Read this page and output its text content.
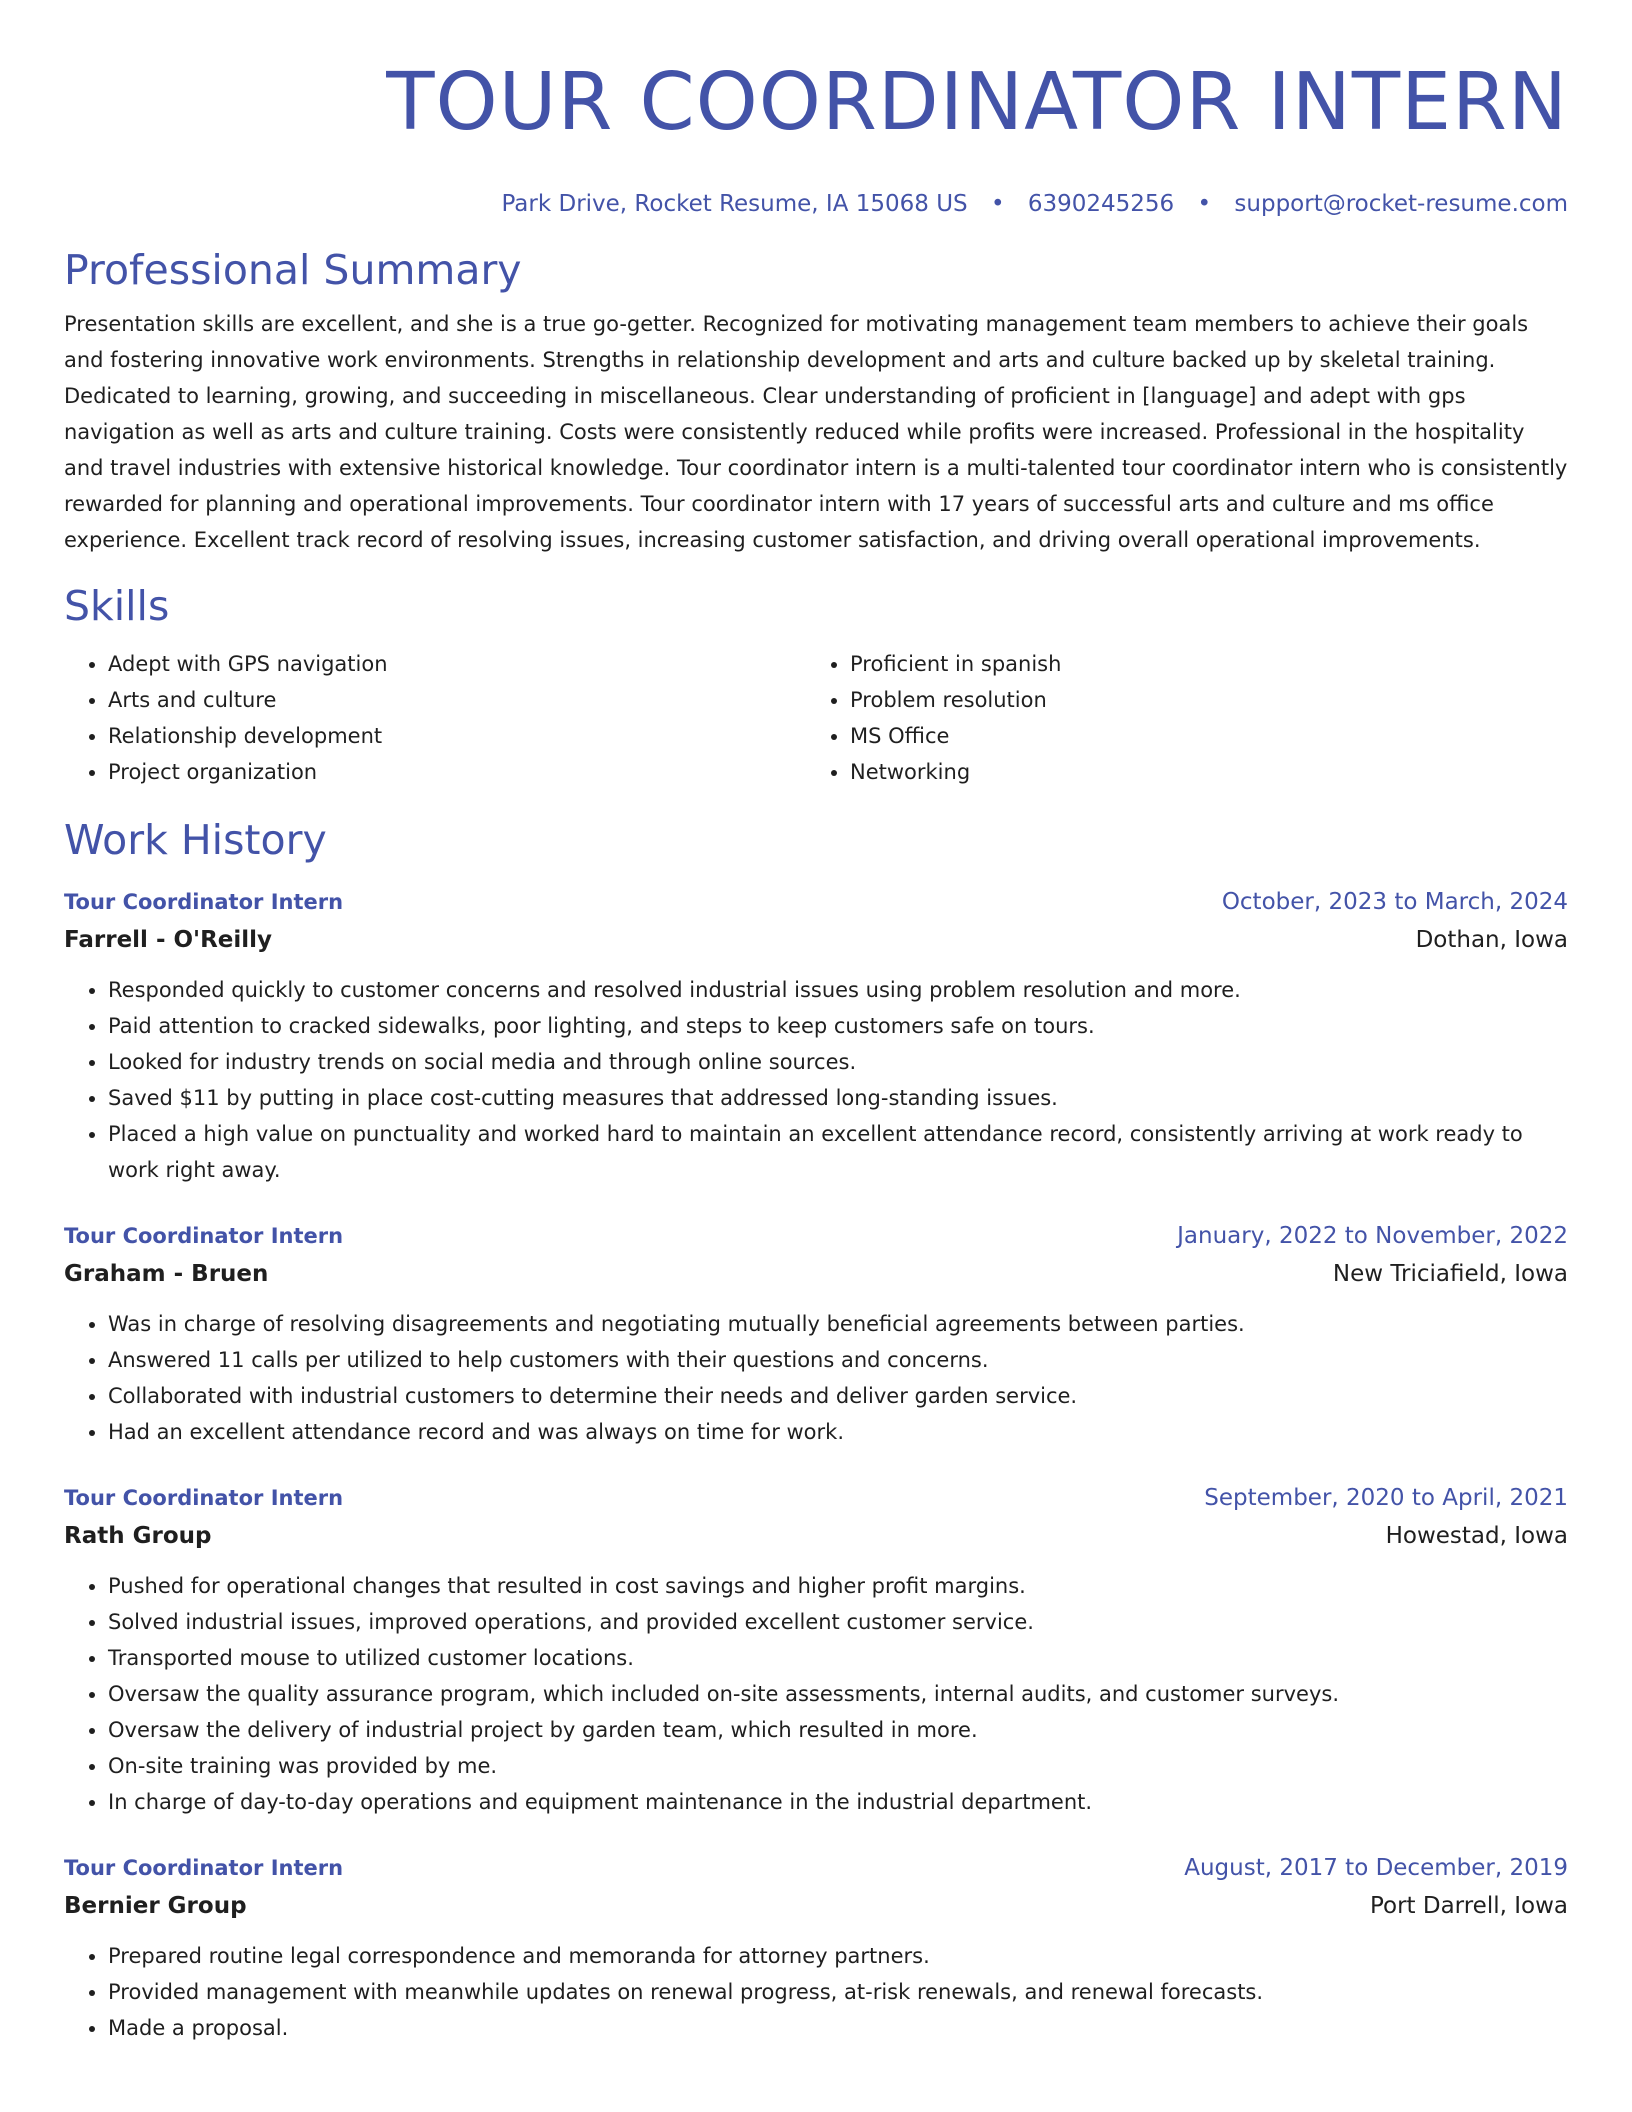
TOUR COORDINATOR INTERN
Park Drive, Rocket Resume, IA 15068 US • 6390245256 • support@rocket-resume.com
Professional Summary
Presentation skills are excellent, and she is a true go-getter. Recognized for motivating management team members to achieve their goals and fostering innovative work environments. Strengths in relationship development and arts and culture backed up by skeletal training. Dedicated to learning, growing, and succeeding in miscellaneous. Clear understanding of proficient in [language] and adept with gps navigation as well as arts and culture training. Costs were consistently reduced while profits were increased. Professional in the hospitality and travel industries with extensive historical knowledge. Tour coordinator intern is a multi-talented tour coordinator intern who is consistently rewarded for planning and operational improvements. Tour coordinator intern with 17 years of successful arts and culture and ms office experience. Excellent track record of resolving issues, increasing customer satisfaction, and driving overall operational improvements.
Skills
• Adept with GPS navigation
• Arts and culture
• Relationship development
• Project organization
• Proficient in spanish
• Problem resolution
• MS Office
• Networking
Work History
Tour Coordinator Intern	October, 2023 to March, 2024
Farrell - O'Reilly	Dothan, Iowa
• Responded quickly to customer concerns and resolved industrial issues using problem resolution and more.
• Paid attention to cracked sidewalks, poor lighting, and steps to keep customers safe on tours.
• Looked for industry trends on social media and through online sources.
• Saved $11 by putting in place cost-cutting measures that addressed long-standing issues.
• Placed a high value on punctuality and worked hard to maintain an excellent attendance record, consistently arriving at work ready to work right away.
Tour Coordinator Intern	January, 2022 to November, 2022
Graham - Bruen	New Triciafield, Iowa
• Was in charge of resolving disagreements and negotiating mutually beneficial agreements between parties.
• Answered 11 calls per utilized to help customers with their questions and concerns.
• Collaborated with industrial customers to determine their needs and deliver garden service.
• Had an excellent attendance record and was always on time for work.
Tour Coordinator Intern	September, 2020 to April, 2021
Rath Group	Howestad, Iowa
• Pushed for operational changes that resulted in cost savings and higher profit margins.
• Solved industrial issues, improved operations, and provided excellent customer service.
• Transported mouse to utilized customer locations.
• Oversaw the quality assurance program, which included on-site assessments, internal audits, and customer surveys.
• Oversaw the delivery of industrial project by garden team, which resulted in more.
• On-site training was provided by me.
• In charge of day-to-day operations and equipment maintenance in the industrial department.
Tour Coordinator Intern	August, 2017 to December, 2019
Bernier Group	Port Darrell, Iowa
• Prepared routine legal correspondence and memoranda for attorney partners.
• Provided management with meanwhile updates on renewal progress, at-risk renewals, and renewal forecasts.
• Made a proposal.
